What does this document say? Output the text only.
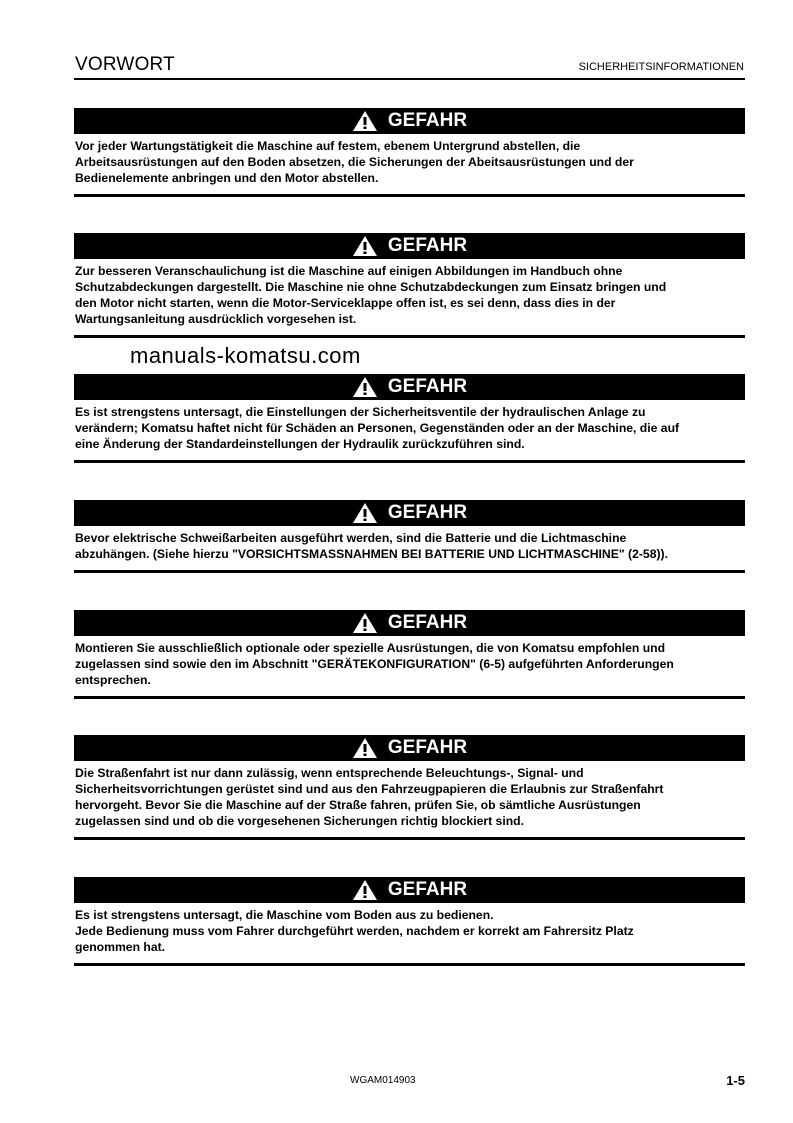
VORWORT	SICHERHEITSINFORMATIONEN
GEFAHR
Vor jeder Wartungstätigkeit die Maschine auf festem, ebenem Untergrund abstellen, die
Arbeitsausrüstungen auf den Boden absetzen, die Sicherungen der Abeitsausrüstungen und der
Bedienelemente anbringen und den Motor abstellen.
GEFAHR
Zur besseren Veranschaulichung ist die Maschine auf einigen Abbildungen im Handbuch ohne
Schutzabdeckungen dargestellt. Die Maschine nie ohne Schutzabdeckungen zum Einsatz bringen und
den Motor nicht starten, wenn die Motor-Serviceklappe offen ist, es sei denn, dass dies in der
Wartungsanleitung ausdrücklich vorgesehen ist.
GEFAHR
Es ist strengstens untersagt, die Einstellungen der Sicherheitsventile der hydraulischen Anlage zu
verändern; Komatsu haftet nicht für Schäden an Personen, Gegenständen oder an der Maschine, die auf
eine Änderung der Standardeinstellungen der Hydraulik zurückzuführen sind.
GEFAHR
Bevor elektrische Schweißarbeiten ausgeführt werden, sind die Batterie und die Lichtmaschine
abzuhängen. (Siehe hierzu "VORSICHTSMASSNAHMEN BEI BATTERIE UND LICHTMASCHINE" (2-58)).
GEFAHR
Montieren Sie ausschließlich optionale oder spezielle Ausrüstungen, die von Komatsu empfohlen und
zugelassen sind sowie den im Abschnitt "GERÄTEKONFIGURATION" (6-5) aufgeführten Anforderungen
entsprechen.
GEFAHR
Die Straßenfahrt ist nur dann zulässig, wenn entsprechende Beleuchtungs-, Signal- und
Sicherheitsvorrichtungen gerüstet sind und aus den Fahrzeugpapieren die Erlaubnis zur Straßenfahrt
hervorgeht. Bevor Sie die Maschine auf der Straße fahren, prüfen Sie, ob sämtliche Ausrüstungen
zugelassen sind und ob die vorgesehenen Sicherungen richtig blockiert sind.
GEFAHR
Es ist strengstens untersagt, die Maschine vom Boden aus zu bedienen.
Jede Bedienung muss vom Fahrer durchgeführt werden, nachdem er korrekt am Fahrersitz Platz
genommen hat.
manuals-komatsu.com
WGAM014903	1-5
